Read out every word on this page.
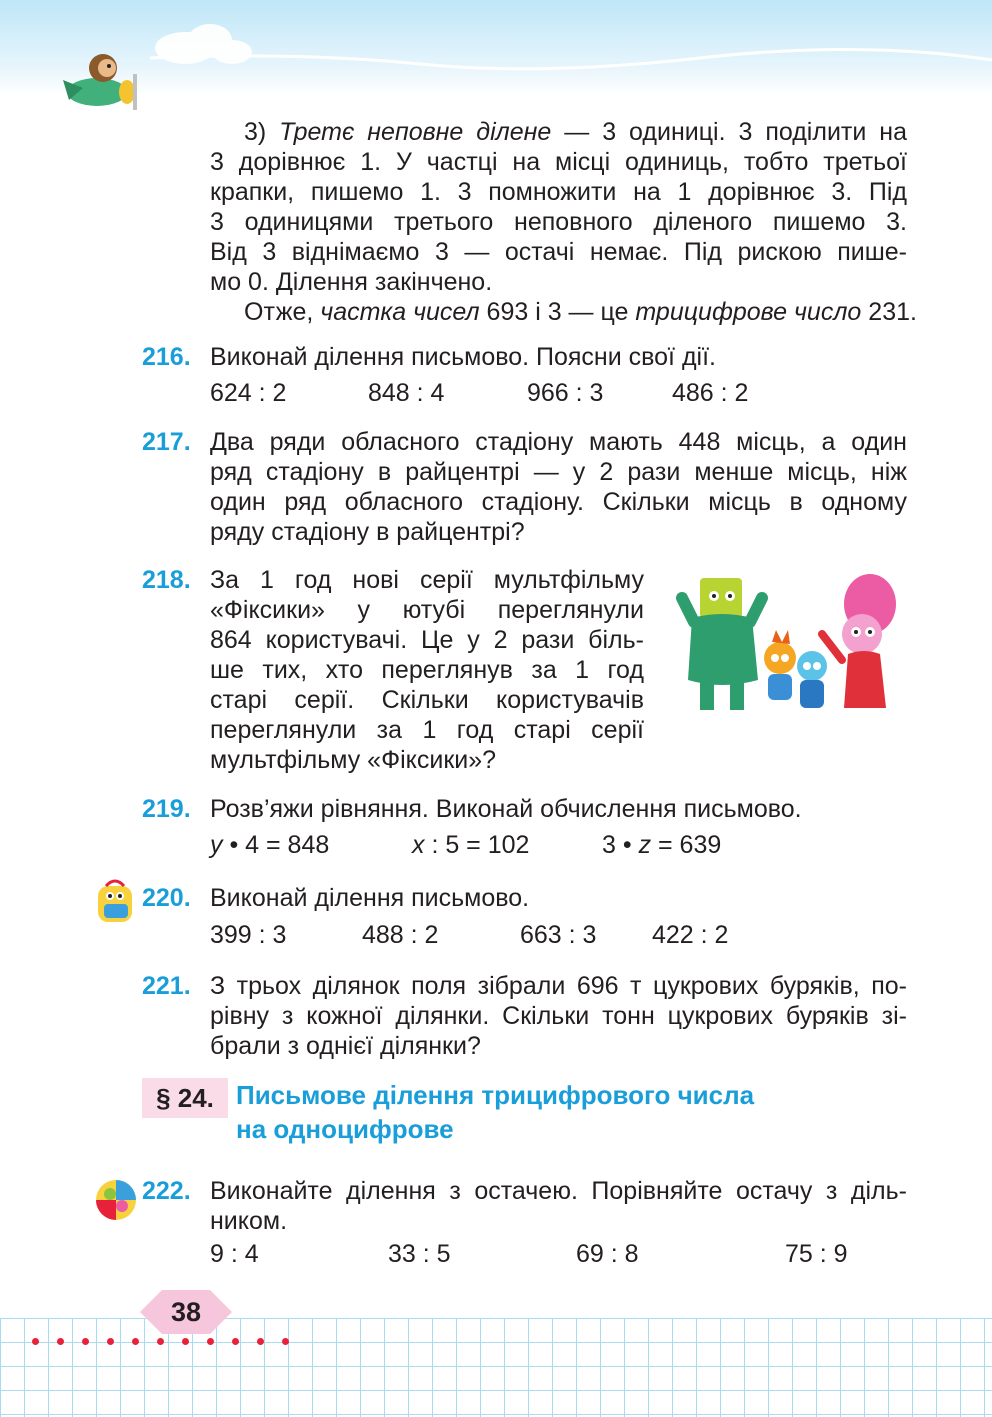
3) Третє неповне ділене — 3 одиниці. 3 поділити на

3 дорівнює 1. У частці на місці одиниць, тобто третьої

крапки, пишемо 1. 3 помножити на 1 дорівнює 3. Під

3 одиницями третього неповного діленого пишемо 3.

Від 3 віднімаємо 3 — остачі немає. Під рискою пише-

мо 0. Ділення закінчено.

Отже, частка чисел 693 і 3 — це трицифрове число 231.

216. Виконай ділення письмово. Поясни свої дії.
624 : 2	848 : 4	966 : 3	486 : 2
217. Два ряди обласного стадіону мають 448 місць, а один

ряд стадіону в райцентрі — у 2 рази менше місць, ніж

один ряд обласного стадіону. Скільки місць в одному

ряду стадіону в райцентрі?

218. За 1 год нові серії мультфільму

«Фіксики» у ютубі переглянули

864 користувачі. Це у 2 рази біль-

ше тих, хто переглянув за 1 год

старі серії. Скільки користувачів

переглянули за 1 год старі серії

мультфільму «Фіксики»?

219. Розв’яжи рівняння. Виконай обчислення письмово.
y • 4 = 848	x : 5 = 102	3 • z = 639
220. Виконай ділення письмово.
399 : 3	488 : 2	663 : 3 422 : 2
221. З трьох ділянок поля зібрали 696 т цукрових буряків, по-

рівну з кожної ділянки. Скільки тонн цукрових буряків зі-

брали з однієї ділянки?

§ 24. Письмове ділення трицифрового числа
на одноцифрове
222. Виконайте ділення з остачею. Порівняйте остачу з діль-

ником.

9 : 4	33 : 5	69 : 8	75 : 9
38
